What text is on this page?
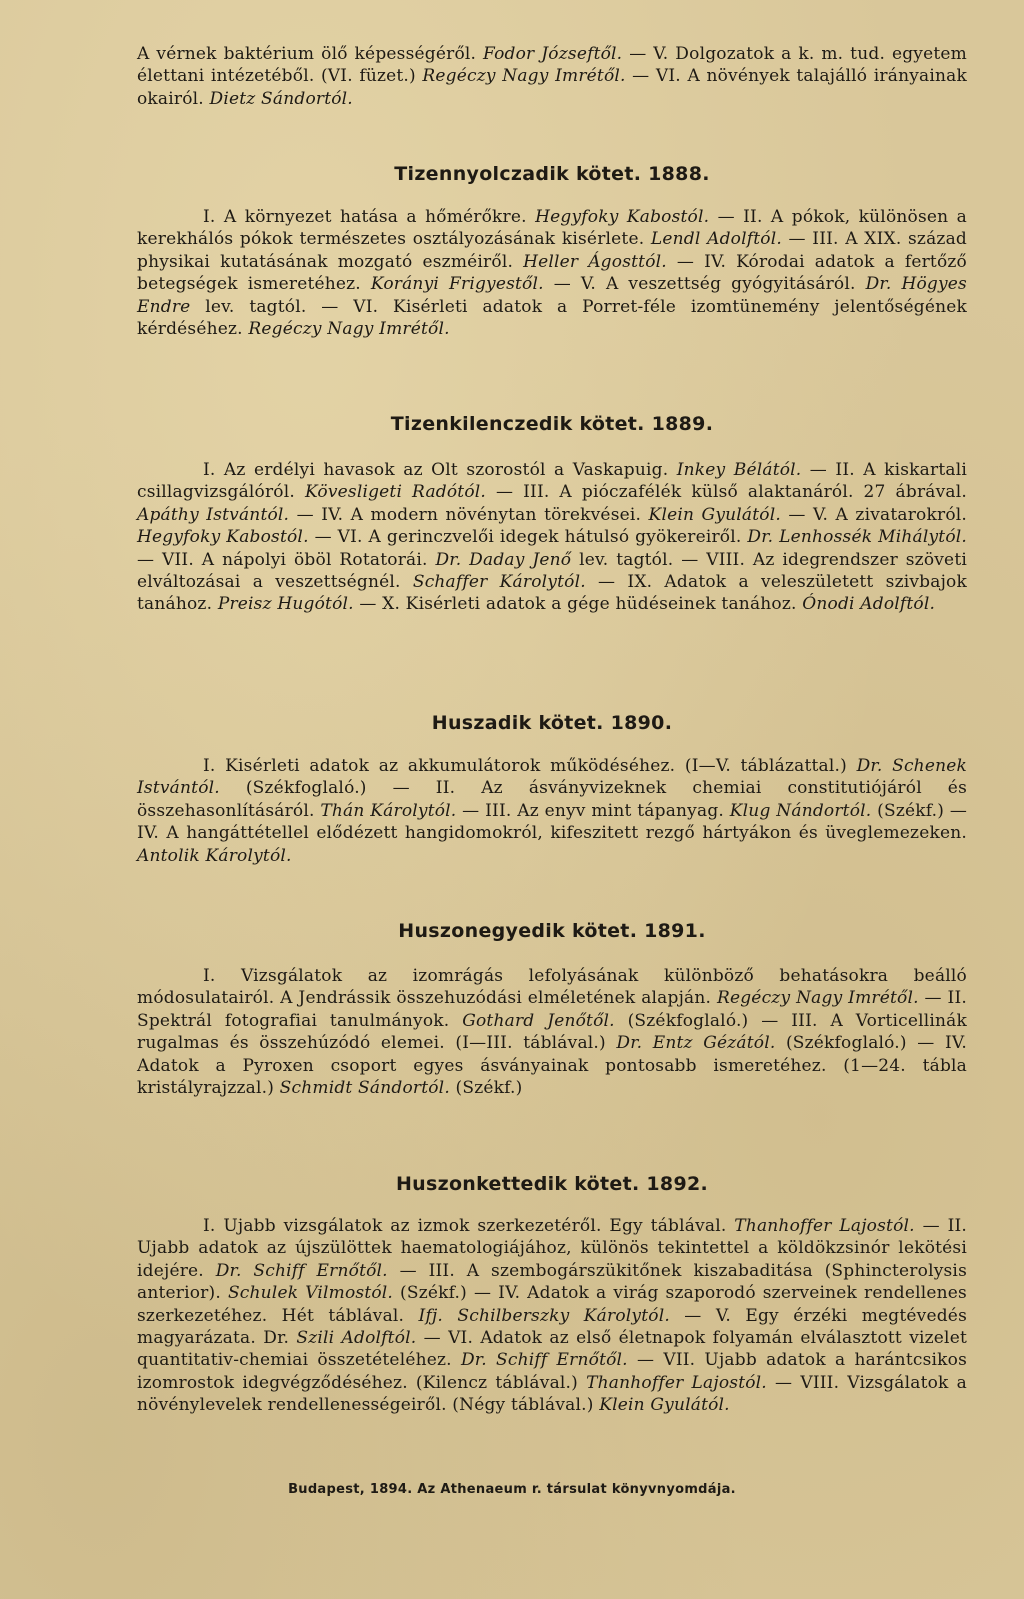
A vérnek baktérium ölő képességéről. Fodor Józseftől. — V. Dolgozatok a k. m. tud. egyetem élettani intézetéből. (VI. füzet.) Regéczy Nagy Imrétől. — VI. A növények talajálló irányainak okairól. Dietz Sándortól.

Tizennyolczadik kötet. 1888.

I. A környezet hatása a hőmérőkre. Hegyfoky Kabostól. — II. A pókok, különösen a kerekhálós pókok természetes osztályozásának kisérlete. Lendl Adolftól. — III. A XIX. század physikai kutatásának mozgató eszméiről. Heller Ágosttól. — IV. Kórodai adatok a fertőző betegségek ismeretéhez. Korányi Frigyestől. — V. A veszettség gyógyitásáról. Dr. Högyes Endre lev. tagtól. — VI. Kisérleti adatok a Porret-féle izomtünemény jelentőségének kérdéséhez. Regéczy Nagy Imrétől.

Tizenkilenczedik kötet. 1889.

I. Az erdélyi havasok az Olt szorostól a Vaskapuig. Inkey Bélától. — II. A kiskartali csillagvizsgálóról. Kövesligeti Radótól. — III. A pióczafélék külső alaktanáról. 27 ábrával. Apáthy Istvántól. — IV. A modern növénytan törekvései. Klein Gyulától. — V. A zivatarokról. Hegyfoky Kabostól. — VI. A gerinczvelői idegek hátulsó gyökereiről. Dr. Lenhossék Mihálytól. — VII. A nápolyi öböl Rotatorái. Dr. Daday Jenő lev. tagtól. — VIII. Az idegrendszer szöveti elváltozásai a veszettségnél. Schaffer Károlytól. — IX. Adatok a veleszületett szivbajok tanához. Preisz Hugótól. — X. Kisérleti adatok a gége hüdéseinek tanához. Ónodi Adolftól.

Huszadik kötet. 1890.

I. Kisérleti adatok az akkumulátorok működéséhez. (I—V. táblázattal.) Dr. Schenek Istvántól. (Székfoglaló.) — II. Az ásványvizeknek chemiai constitutiójáról és összehasonlításáról. Thán Károlytól. — III. Az enyv mint tápanyag. Klug Nándortól. (Székf.) — IV. A hangáttétellel elődézett hangidomokról, kifeszitett rezgő hártyákon és üveglemezeken. Antolik Károlytól.

Huszonegyedik kötet. 1891.

I. Vizsgálatok az izomrágás lefolyásának különböző behatásokra beálló módosulatairól. A Jendrássik összehuzódási elméletének alapján. Regéczy Nagy Imrétől. — II. Spektrál fotografiai tanulmányok. Gothard Jenőtől. (Székfoglaló.) — III. A Vorticellinák rugalmas és összehúzódó elemei. (I—III. táblával.) Dr. Entz Gézától. (Székfoglaló.) — IV. Adatok a Pyroxen csoport egyes ásványainak pontosabb ismeretéhez. (1—24. tábla kristályrajzzal.) Schmidt Sándortól. (Székf.)

Huszonkettedik kötet. 1892.

I. Ujabb vizsgálatok az izmok szerkezetéről. Egy táblával. Thanhoffer Lajostól. — II. Ujabb adatok az újszülöttek haematologiájához, különös tekintettel a köldökzsinór lekötési idejére. Dr. Schiff Ernőtől. — III. A szembogárszükitőnek kiszabaditása (Sphincterolysis anterior). Schulek Vilmostól. (Székf.) — IV. Adatok a virág szaporodó szerveinek rendellenes szerkezetéhez. Hét táblával. Ifj. Schilberszky Károlytól. — V. Egy érzéki megtévedés magyarázata. Dr. Szili Adolftól. — VI. Adatok az első életnapok folyamán elválasztott vizelet quantitativ-chemiai összetételéhez. Dr. Schiff Ernőtől. — VII. Ujabb adatok a harántcsikos izomrostok idegvégződéséhez. (Kilencz táblával.) Thanhoffer Lajostól. — VIII. Vizsgálatok a növénylevelek rendellenességeiről. (Négy táblával.) Klein Gyulától.

Budapest, 1894. Az Athenaeum r. társulat könyvnyomdája.
